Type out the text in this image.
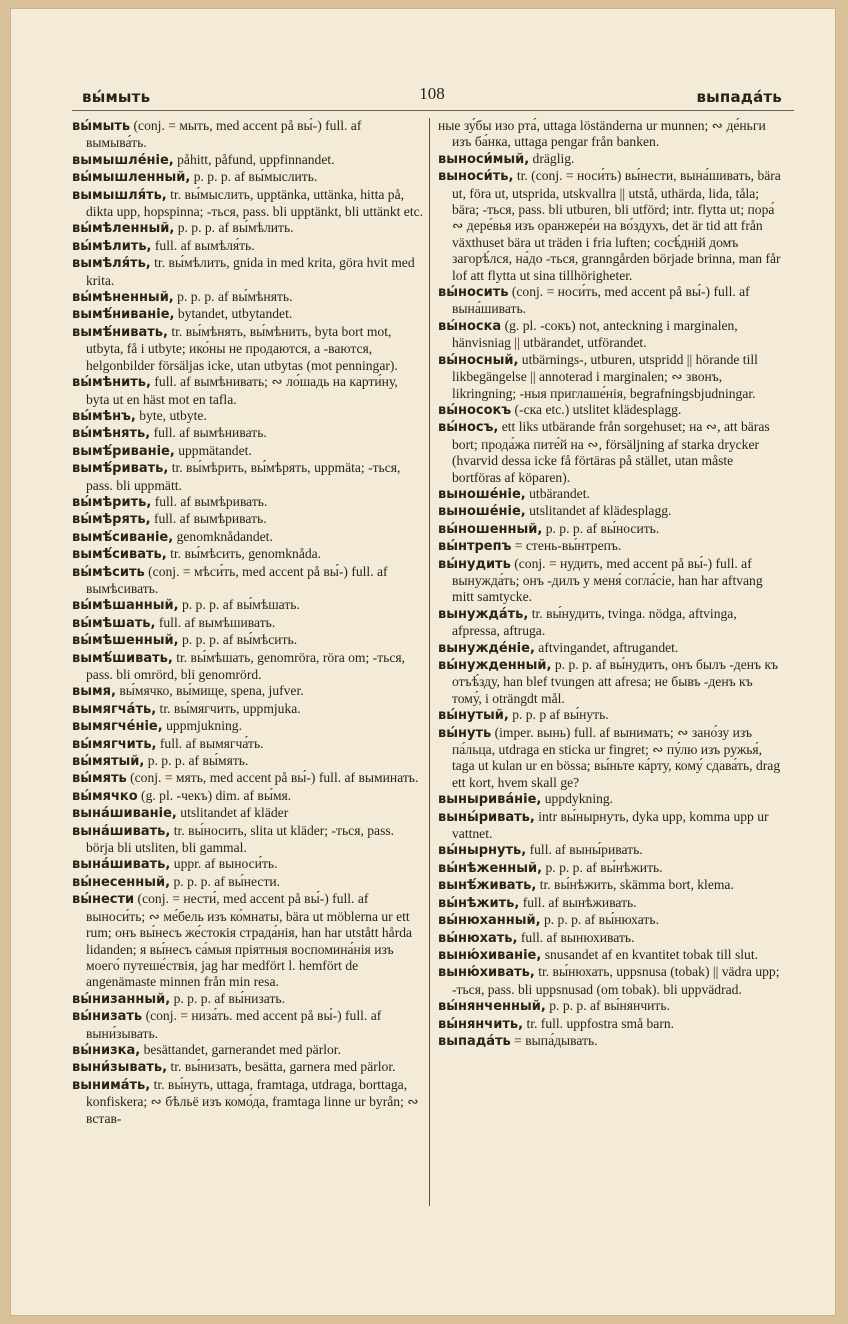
вы́мыть	108	выпада́ть
вы́мыть (conj. = мыть, med accent på вы́-) full. af вымыва́ть.
вымышле́ніе, påhitt, påfund, uppfinnandet.
вы́мышленный, p. p. p. af вы́мыслить.
вымышля́ть, tr. вы́мыслить, upptänka, uttänka, hitta på, dikta upp, hopspinna; -ться, pass. bli upptänkt, bli uttänkt etc.
вы́мѣленный, p. p. p. af вы́мѣлить.
вы́мѣлить, full. af вымѣля́ть.
вымѣля́ть, tr. вы́мѣлить, gnida in med krita, göra hvit med krita.
вы́мѣненный, p. p. p. af вы́мѣнять.
вымѣ́ниваніе, bytandet, utbytandet.
вымѣ́нивать, tr. вы́мѣнять, вы́мѣнить, byta bort mot, utbyta, få i utbyte; ико́ны не продаются, а -ваются, helgonbilder försäljas icke, utan utbytas (mot penningar).
вы́мѣнить, full. af вымѣнивать; ∾ ло́шадь на карти́ну, byta ut en häst mot en tafla.
вы́мѣнъ, byte, utbyte.
вы́мѣнять, full. af вымѣнивать.
вымѣ́риваніе, uppmätandet.
вымѣ́ривать, tr. вы́мѣрить, вы́мѣрять, uppmäta; -ться, pass. bli uppmätt.
вы́мѣрить, full. af вымѣривать.
вы́мѣрять, full. af вымѣривать.
вымѣ́сиваніе, genomknådandet.
вымѣ́сивать, tr. вы́мѣсить, genomknåda.
вы́мѣсить (conj. = мѣси́ть, med accent på вы́-) full. af вымѣсивать.
вы́мѣшанный, p. p. p. af вы́мѣшать.
вы́мѣшать, full. af вымѣшивать.
вы́мѣшенный, p. p. p. af вы́мѣсить.
вымѣ́шивать, tr. вы́мѣшать, genomröra, röra om; -ться, pass. bli omrörd, bli genomrörd.
вымя, вы́мячко, вы́мище, spena, jufver.
вымягча́ть, tr. вы́мягчить, uppmjuka.
вымягче́ніе, uppmjukning.
вы́мягчить, full. af вымягча́ть.
вы́мятый, p. p. p. af вы́мять.
вы́мять (conj. = мять, med accent på вы́-) full. af выминать.
вы́мячко (g. pl. -чекъ) dim. af вы́мя.
вына́шиваніе, utslitandet af kläder
вына́шивать, tr. вы́носить, slita ut kläder; -ться, pass. börja bli utsliten, bli gammal.
вына́шивать, uppr. af выноси́ть.
вы́несенный, p. p. p. af вы́нести.
вы́нести (conj. = нести́, med accent på вы́-) full. af выноси́ть; ∾ ме́бель изъ ко́мнаты, bära ut möblerna ur ett rum; онъ вы́несъ же́стокія страда́нія, han har utstått hårda lidanden; я вы́несъ са́мыя пріятныя воспомина́нія изъ моего́ путеше́ствія, jag har medfört l. hemfört de angenämaste minnen från min resa.
вы́низанный, p. p. p. af вы́низать.
вы́низать (conj. = низа́ть. med accent på вы́-) full. af выни́зывать.
вы́низка, besättandet, garnerandet med pärlor.
выни́зывать, tr. вы́низать, besätta, garnera med pärlor.
вынима́ть, tr. вы́нуть, uttaga, framtaga, utdraga, borttaga, konfiskera; ∾ бѣльё изъ комо́да, framtaga linne ur byrån; ∾ встав-
ные зу́бы изо рта́, uttaga löständerna ur munnen; ∾ де́ньги изъ ба́нка, uttaga pengar från banken.
выноси́мый, dräglig.
выноси́ть, tr. (conj. = носи́ть) вы́нести, вына́шивать, bära ut, föra ut, utsprida, utskvallra || utstå, uthärda, lida, tåla; bära; -ться, pass. bli utburen, bli utförd; intr. flytta ut; пора́ ∾ дере́вья изъ оранжере́и на во́здухъ, det är tid att från växthuset bära ut träden i fria luften; сосѣ́дній домъ загорѣ́лся, на́до -ться, granngården började brinna, man får lof att flytta ut sina tillhörigheter.
вы́носить (conj. = носи́ть, med accent på вы́-) full. af вына́шивать.
вы́носка (g. pl. -сокъ) not, anteckning i marginalen, hänvisniag || utbärandet, utförandet.
вы́носный, utbärnings-, utburen, utspridd || hörande till likbegängelse || annoterad i marginalen; ∾ звонъ, likringning; -ныя приглаше́нія, begrafningsbjudningar.
вы́носокъ (-ска etc.) utslitet klädesplagg.
вы́носъ, ett liks utbärande från sorgehuset; на ∾, att bäras bort; прода́жа пите́й на ∾, försäljning af starka drycker (hvarvid dessa icke få förtäras på stället, utan måste bortföras af köparen).
выноше́ніе, utbärandet.
выноше́ніе, utslitandet af klädesplagg.
вы́ношенный, p. p. p. af вы́носить.
вы́нтрепъ = стень-вы́нтрепъ.
вы́нудить (conj. = нудить, med accent på вы́-) full. af вынужда́ть; онъ -дилъ у меня́ согла́сіе, han har aftvang mitt samtycke.
вынужда́ть, tr. вы́нудить, tvinga. nödga, aftvinga, afpressa, aftruga.
вынужде́ніе, aftvingandet, aftrugandet.
вы́нужденный, p. p. p. af вы́нудить, онъ былъ -денъ къ отъѣ́зду, han blef tvungen att afresa; не бывъ -денъ къ тому́, i oträngdt mål.
вы́нутый, p. p. p af вы́нуть.
вы́нуть (imper. вынь) full. af вынимать; ∾ зано́зу изъ па́льца, utdraga en sticka ur fingret; ∾ пу́лю изъ ружья́, taga ut kulan ur en bössa; вы́ньте ка́рту, кому́ сдава́ть, drag ett kort, hvem skall ge?
вынырива́ніе, uppdykning.
выны́ривать, intr вы́нырнуть, dyka upp, komma upp ur vattnet.
вы́нырнуть, full. af выны́ривать.
вы́нѣженный, p. p. p. af вы́нѣжить.
вынѣ́живать, tr. вы́нѣжить, skämma bort, klema.
вы́нѣжить, full. af вынѣживать.
вы́нюханный, p. p. p. af вы́нюхать.
вы́нюхать, full. af вынюхивать.
выню́хиваніе, snusandet af en kvantitet tobak till slut.
выню́хивать, tr. вы́нюхать, uppsnusa (tobak) || vädra upp; -ться, pass. bli uppsnusad (om tobak). bli uppvädrad.
вы́нянченный, p. p. p. af вы́нянчить.
вы́нянчить, tr. full. uppfostra små barn.
выпада́ть = выпа́дывать.
